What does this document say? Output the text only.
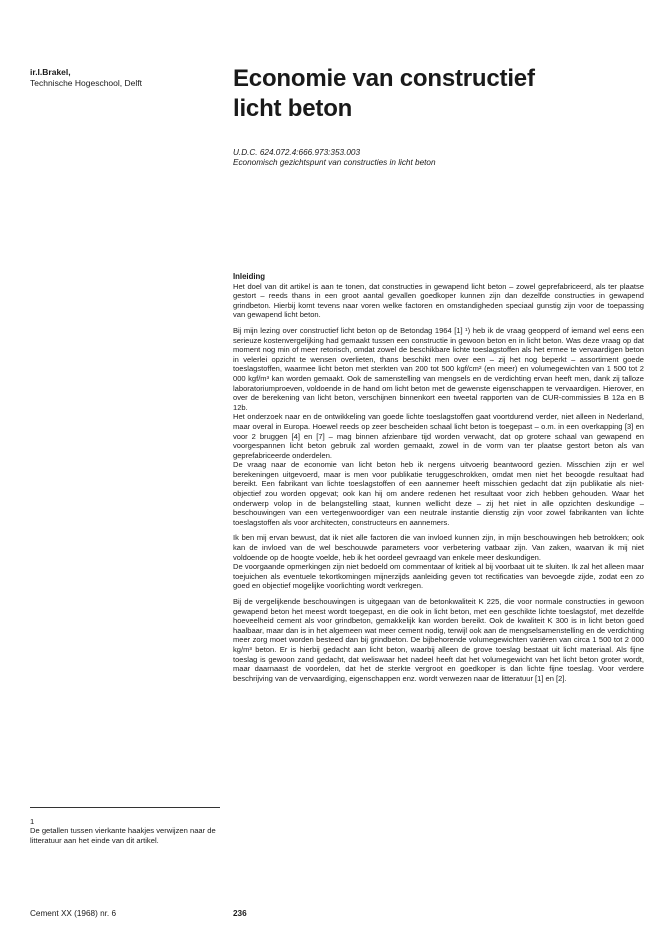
ir.I.Brakel,
Technische Hogeschool, Delft	Economie van constructief
licht beton
U.D.C. 624.072.4:666.973:353.003
Economisch gezichtspunt van constructies in licht beton
Inleiding

Het doel van dit artikel is aan te tonen, dat constructies in gewapend licht beton – zowel geprefabriceerd, als ter plaatse gestort – reeds thans in een groot aantal gevallen goedkoper kunnen zijn dan dezelfde constructies in gewapend grindbeton. Hierbij komt tevens naar voren welke factoren en omstandigheden speciaal gunstig zijn voor de toepassing van gewapend licht beton.

Bij mijn lezing over constructief licht beton op de Betondag 1964 [1] ¹) heb ik de vraag geopperd of iemand wel eens een serieuze kostenvergelijking had gemaakt tussen een constructie in gewoon beton en in licht beton. Was deze vraag op dat moment nog min of meer retorisch, omdat zowel de beschikbare lichte toeslagstoffen als het ermee te vervaardigen beton in velerlei opzicht te wensen overlieten, thans beschikt men over een – zij het nog beperkt – assortiment goede toeslagstoffen, waarmee licht beton met sterkten van 200 tot 500 kgf/cm² (en meer) en volumegewichten van 1 500 tot 2 000 kgf/m³ kan worden gemaakt. Ook de samenstelling van mengsels en de verdichting ervan heeft men, dank zij talloze laboratoriumproeven, voldoende in de hand om licht beton met de gewenste eigenschappen te vervaardigen. Hierover, en over de berekening van licht beton, verschijnen binnenkort een tweetal rapporten van de CUR-commissies B 12a en B 12b.

Het onderzoek naar en de ontwikkeling van goede lichte toeslagstoffen gaat voortdurend verder, niet alleen in Nederland, maar overal in Europa. Hoewel reeds op zeer bescheiden schaal licht beton is toegepast – o.m. in een overkapping [3] en voor 2 bruggen [4] en [7] – mag binnen afzienbare tijd worden verwacht, dat op grotere schaal van gewapend en voorgespannen licht beton gebruik zal worden gemaakt, zowel in de vorm van ter plaatse gestort beton als van geprefabriceerde onderdelen.

De vraag naar de economie van licht beton heb ik nergens uitvoerig beantwoord gezien. Misschien zijn er wel berekeningen uitgevoerd, maar is men voor publikatie teruggeschrokken, omdat men niet het beoogde resultaat had bereikt. Een fabrikant van lichte toeslagstoffen of een aannemer heeft misschien gedacht dat zijn publikatie als niet-objectief zou worden opgevat; ook kan hij om andere redenen het resultaat voor zich hebben gehouden. Waar het onderwerp volop in de belangstelling staat, kunnen wellicht deze – zij het niet in alle opzichten deskundige – beschouwingen van een vertegenwoordiger van een neutrale instantie dienstig zijn voor zowel fabrikanten van lichte toeslagstoffen als voor architecten, constructeurs en aannemers.

Ik ben mij ervan bewust, dat ik niet alle factoren die van invloed kunnen zijn, in mijn beschouwingen heb betrokken; ook kan de invloed van de wel beschouwde parameters voor verbetering vatbaar zijn. Van zaken, waarvan ik mij niet voldoende op de hoogte voelde, heb ik het oordeel gevraagd van enkele meer deskundigen.

De voorgaande opmerkingen zijn niet bedoeld om commentaar of kritiek al bij voorbaat uit te sluiten. Ik zal het alleen maar toejuichen als eventuele tekortkomingen mijnerzijds aanleiding geven tot rectificaties van bevoegde zijde, zodat een zo goed en objectief mogelijke voorlichting wordt verkregen.

Bij de vergelijkende beschouwingen is uitgegaan van de betonkwaliteit K 225, die voor normale constructies in gewoon gewapend beton het meest wordt toegepast, en die ook in licht beton, met een geschikte lichte toeslagstof, met dezelfde hoeveelheid cement als voor grindbeton, gemakkelijk kan worden bereikt. Ook de kwaliteit K 300 is in licht beton goed haalbaar, maar dan is in het algemeen wat meer cement nodig, terwijl ook aan de mengselsamenstelling en de verdichting meer zorg moet worden besteed dan bij grindbeton. De bijbehorende volumegewichten variëren van circa 1 500 tot 2 000 kg/m³ beton. Er is hierbij gedacht aan licht beton, waarbij alleen de grove toeslag bestaat uit licht materiaal. Als fijne toeslag is gewoon zand gedacht, dat weliswaar het nadeel heeft dat het volumegewicht van het licht beton groter wordt, maar daarnaast de voordelen, dat het de sterkte vergroot en goedkoper is dan lichte fijne toeslag. Voor verdere beschrijving van de vervaardiging, eigenschappen enz. wordt verwezen naar de litteratuur [1] en [2].

1
De getallen tussen vierkante haakjes verwijzen naar de litteratuur aan het einde van dit artikel.
Cement XX (1968) nr. 6	236
